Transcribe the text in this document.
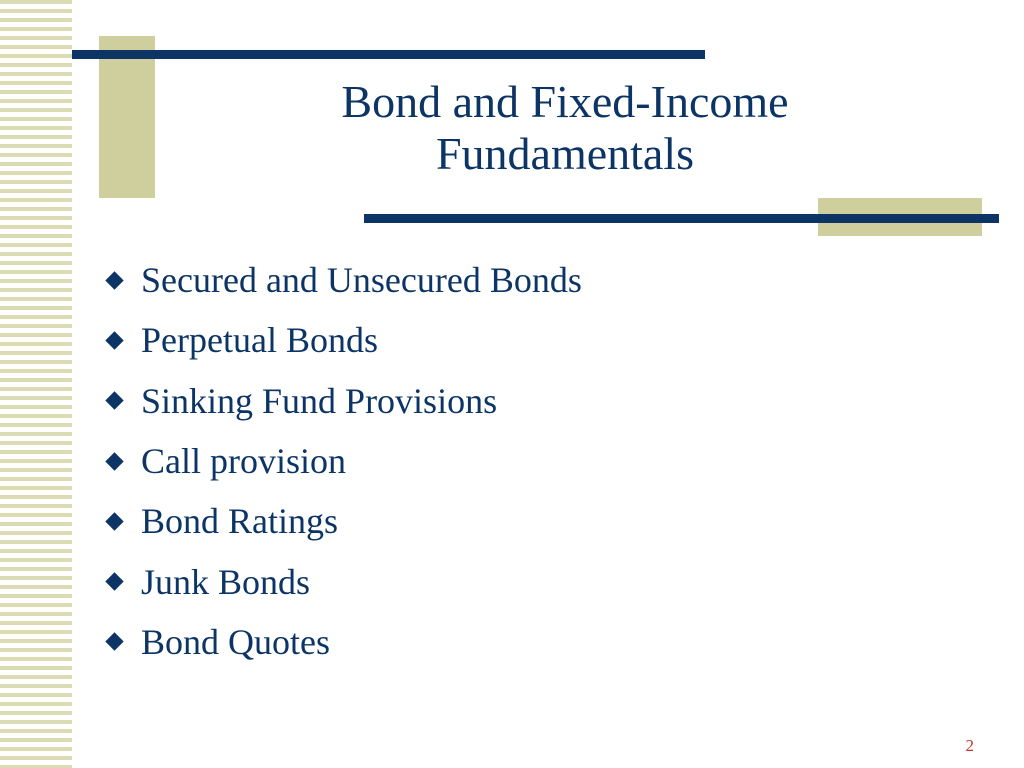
Bond and Fixed-Income
Fundamentals
Secured and Unsecured Bonds
Perpetual Bonds
Sinking Fund Provisions
Call provision
Bond Ratings
Junk Bonds
Bond Quotes
2
